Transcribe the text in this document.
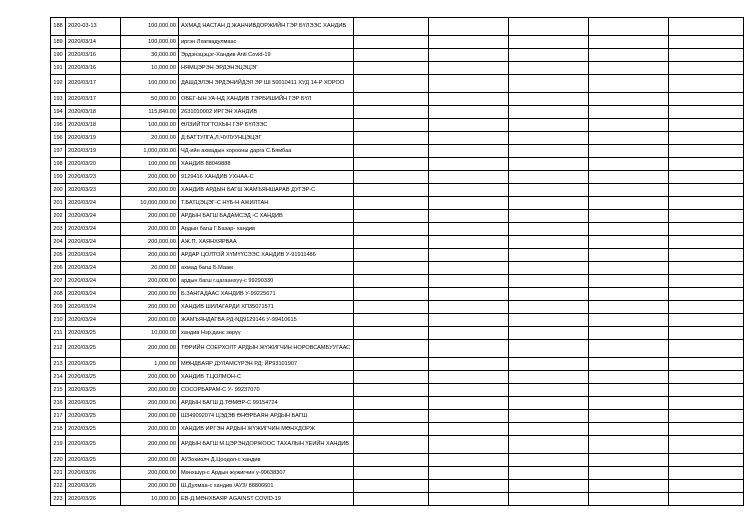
188	2020-03-13	100,000.00	АХМАД НАСТАН Д.ЖАНЧИВДОРЖИЙН ГЭР БҮЛЭЭС ХАНДИВ					
189	2020/03/14	100,000.00	иргэн Лхагвадулмаас					
190	2020/03/16	30,000.00	Эрдэнэцэцэг-Хандив Anti Covid-19					
191	2020/03/16	10,000.00	НЯМЦЭРЭН ЭРДЭНЭЦЭЦЭГ					
192	2020/03/17	100,000.00	ДАШДЭЛЭН ЭРДЭНИЙДЭЛ ЭР ШI 50010411 ХУД 14-Р ХОРОО					
193	2020/03/17	50,000.00	ОБЕГ-ЫН УА-НД ХАНДИВ ТЭРБИШИЙН ГЭР БҮЛ					
194	2020/03/18	115,840.00	2631010002 ИРГЭН ХАНДИВ					
195	2020/03/18	100,000.00	ӨЛЗИЙТОГТОХЫН ГЭР БҮЛЭЭС					
196	2020/03/19	20,000.00	Д.БАТТУЛГА,Л.ЧУЛУУНЦЭЦЭГ					
197	2020/03/19	1,000,000.00	ЧД-ийн ахмадын хорооны дарга С.Бямбаа					
198	2020/03/20	100,000.00	ХАНДИВ 88049888					
199	2020/03/23	200,000.00	9129416 ХАНДИВ УХНАА-С					
200	2020/03/23	200,000.00	ХАНДИВ АРДЫН БАГШ ЖАМЪЯНШАРАВ ДУГЭР-С					
201	2020/03/24	10,000,000.00	Т.БАТЦЭЦЭГ-С НҮБ-Н АЖИЛТАН					
202	2020/03/24	200,000.00	АРДЫН БАГШ БАДАМСЭД -С ХАНДИВ					
203	2020/03/24	200,000.00	Ардын багш Г.Базар- хандив					
204	2020/03/24	200,000.00	АЖ.П. ХАЯНХЯРВАА					
205	2020/03/24	200,000.00	АРДАР ЦОЛТОЙ ХҮМҮҮСЭЭС ХАНДИВ У-91911486					
206	2020/03/24	20,000.00	ахмад багш Б.Маам					
207	2020/03/24	200,000.00	ардын багш г.цагаанхүү-с 99290330					
208	2020/03/24	200,000.00	Б.ЗАНГАДААС ХАНДИВ У-99225671					
209	2020/03/24	200,000.00	ХАНДИВ ШИЛАГАРДИ ХП35071571					
210	2020/03/24	200,000.00	ЖАМЪЯНДАГВА РД-NД9129146 У-99410615					
211	2020/03/25	10,000.00	хандив Нэр.данс зөрүү					
212	2020/03/25	200,000.00	ТӨРИЙН СОЕРХОЛТ АРДЫН ЖҮЖИГЧИН НОРОВСАМБУУГААС					
213	2020/03/25	1,000.00	МӨНДБАЯР ДУЛАМСҮРЭН РД: ЙР93101907					
214	2020/03/25	200,000.00	ХАНДИВ Т.ЦОЛМОН-С					
215	2020/03/25	200,000.00	СОСОРБАРАМ-С У- 99237070					
216	2020/03/25	200,000.00	АРДЫН БАГШ Д.ТӨМӨР-С 99154724					
217	2020/03/25	200,000.00	Ш349092074 ЦЭДЭВ ӨНӨРБАЯН АРДЫН БАГШ					
218	2020/03/25	200,000.00	ХАНДИВ ИРГЭН АРДЫН ЖҮЖИГЧИН МӨНХДОРЖ					
219	2020/03/25	200,000.00	АРДЫН БАГШ М.ЦЭРЭНДОРЖООС ТАХАЛЫН ҮЕИЙН ХАНДИВ					
220	2020/03/25	200,000.00	АУЗохиолч Д.Цоодол-с хандив					
221	2020/03/26	200,000.00	Мөнхшүр-с Ардын жүжигчин у-99638307					
222	2020/03/26	200,000.00	Ш.Дулмаа-с хандив /АУЗ/ 88806601					
223	2020/03/26	10,000.00	ЕВ-Д.МӨНХБАЯР AGAINST COVID-19					
